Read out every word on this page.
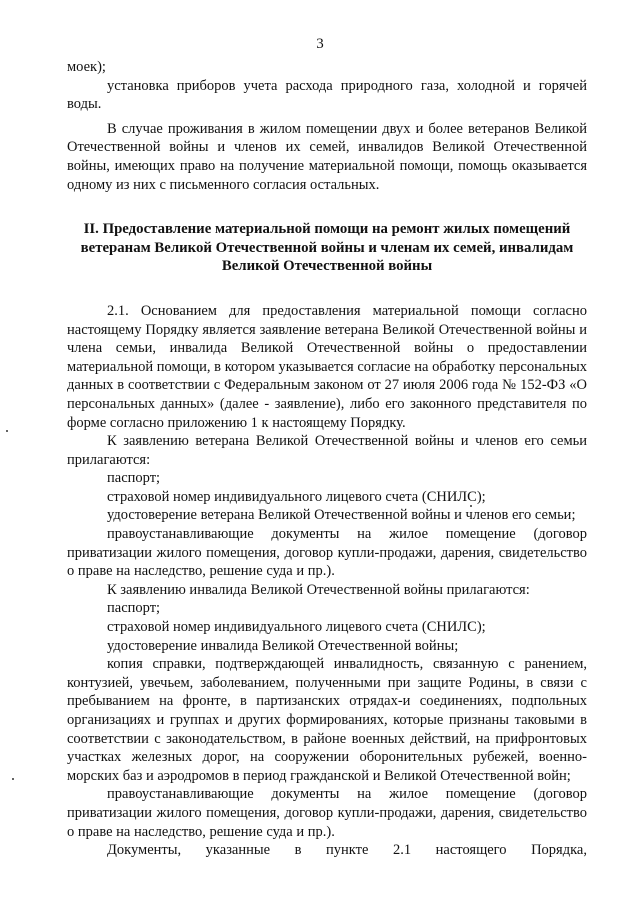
3

моек);

установка приборов учета расхода природного газа, холодной и горячей воды.

В случае проживания в жилом помещении двух и более ветеранов Великой Отечественной войны и членов их семей, инвалидов Великой Отечественной войны, имеющих право на получение материальной помощи, помощь оказывается одному из них с письменного согласия остальных.

II. Предоставление материальной помощи на ремонт жилых помещений ветеранам Великой Отечественной войны и членам их семей, инвалидам Великой Отечественной войны

2.1. Основанием для предоставления материальной помощи согласно настоящему Порядку является заявление ветерана Великой Отечественной войны и члена семьи, инвалида Великой Отечественной войны о предоставлении материальной помощи, в котором указывается согласие на обработку персональных данных в соответствии с Федеральным законом от 27 июля 2006 года № 152-ФЗ «О персональных данных» (далее - заявление), либо его законного представителя по форме согласно приложению 1 к настоящему Порядку.

К заявлению ветерана Великой Отечественной войны и членов его семьи прилагаются:

паспорт;

страховой номер индивидуального лицевого счета (СНИЛС);

удостоверение ветерана Великой Отечественной войны и членов его семьи;

правоустанавливающие документы на жилое помещение (договор приватизации жилого помещения, договор купли-продажи, дарения, свидетельство о праве на наследство, решение суда и пр.).

К заявлению инвалида Великой Отечественной войны прилагаются:

паспорт;

страховой номер индивидуального лицевого счета (СНИЛС);

удостоверение инвалида Великой Отечественной войны;

копия справки, подтверждающей инвалидность, связанную с ранением, контузией, увечьем, заболеванием, полученными при защите Родины, в связи с пребыванием на фронте, в партизанских отрядах-и соединениях, подпольных организациях и группах и других формированиях, которые признаны таковыми в соответствии с законодательством, в районе военных действий, на прифронтовых участках железных дорог, на сооружении оборонительных рубежей, военно-морских баз и аэродромов в период гражданской и Великой Отечественной войн;

правоустанавливающие документы на жилое помещение (договор приватизации жилого помещения, договор купли-продажи, дарения, свидетельство о праве на наследство, решение суда и пр.).

Документы, указанные в пункте 2.1 настоящего Порядка,
